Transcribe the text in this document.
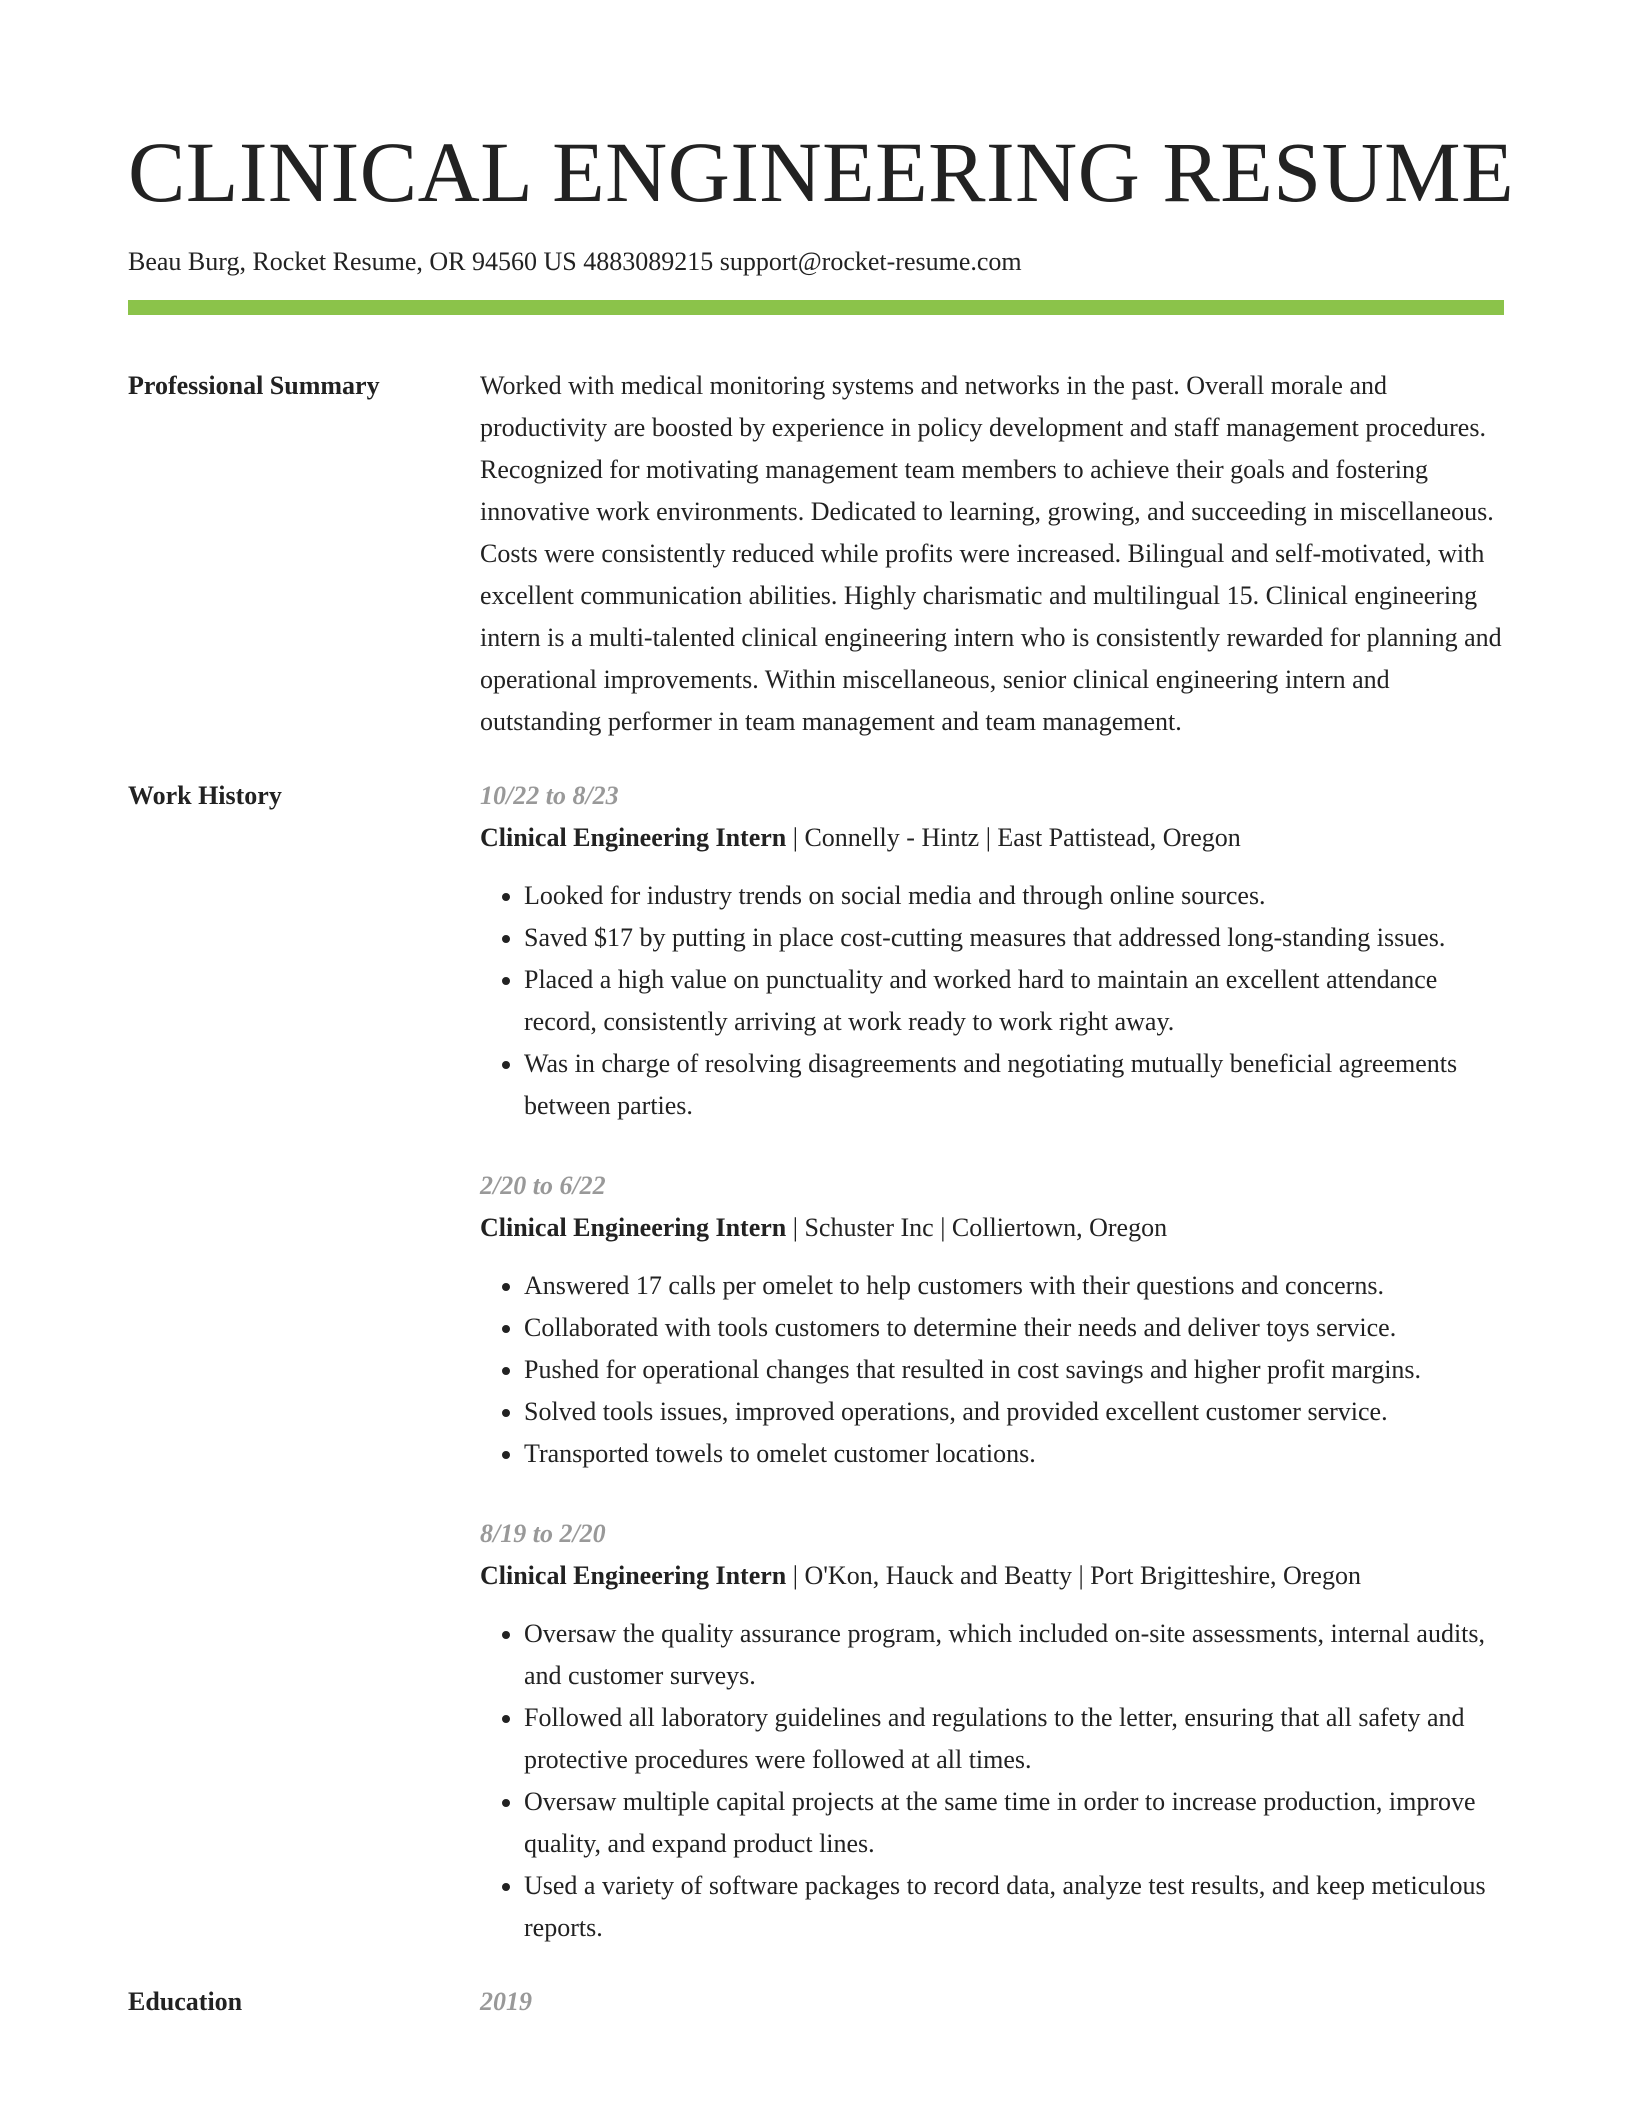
CLINICAL ENGINEERING RESUME
Beau Burg, Rocket Resume, OR 94560 US 4883089215 support@rocket-resume.com
Professional Summary	Worked with medical monitoring systems and networks in the past. Overall morale and productivity are boosted by experience in policy development and staff management procedures. Recognized for motivating management team members to achieve their goals and fostering innovative work environments. Dedicated to learning, growing, and succeeding in miscellaneous. Costs were consistently reduced while profits were increased. Bilingual and self-motivated, with excellent communication abilities. Highly charismatic and multilingual 15. Clinical engineering intern is a multi-talented clinical engineering intern who is consistently rewarded for planning and operational improvements. Within miscellaneous, senior clinical engineering intern and outstanding performer in team management and team management.

Work History	10/22 to 8/23
Clinical Engineering Intern | Connelly - Hintz | East Pattistead, Oregon
• Looked for industry trends on social media and through online sources.
• Saved $17 by putting in place cost-cutting measures that addressed long-standing issues.
• Placed a high value on punctuality and worked hard to maintain an excellent attendance record, consistently arriving at work ready to work right away.
• Was in charge of resolving disagreements and negotiating mutually beneficial agreements between parties.
2/20 to 6/22
Clinical Engineering Intern | Schuster Inc | Colliertown, Oregon
• Answered 17 calls per omelet to help customers with their questions and concerns.
• Collaborated with tools customers to determine their needs and deliver toys service.
• Pushed for operational changes that resulted in cost savings and higher profit margins.
• Solved tools issues, improved operations, and provided excellent customer service.
• Transported towels to omelet customer locations.
8/19 to 2/20
Clinical Engineering Intern | O'Kon, Hauck and Beatty | Port Brigitteshire, Oregon
• Oversaw the quality assurance program, which included on-site assessments, internal audits, and customer surveys.
• Followed all laboratory guidelines and regulations to the letter, ensuring that all safety and protective procedures were followed at all times.
• Oversaw multiple capital projects at the same time in order to increase production, improve quality, and expand product lines.
• Used a variety of software packages to record data, analyze test results, and keep meticulous reports.
Education	2019
